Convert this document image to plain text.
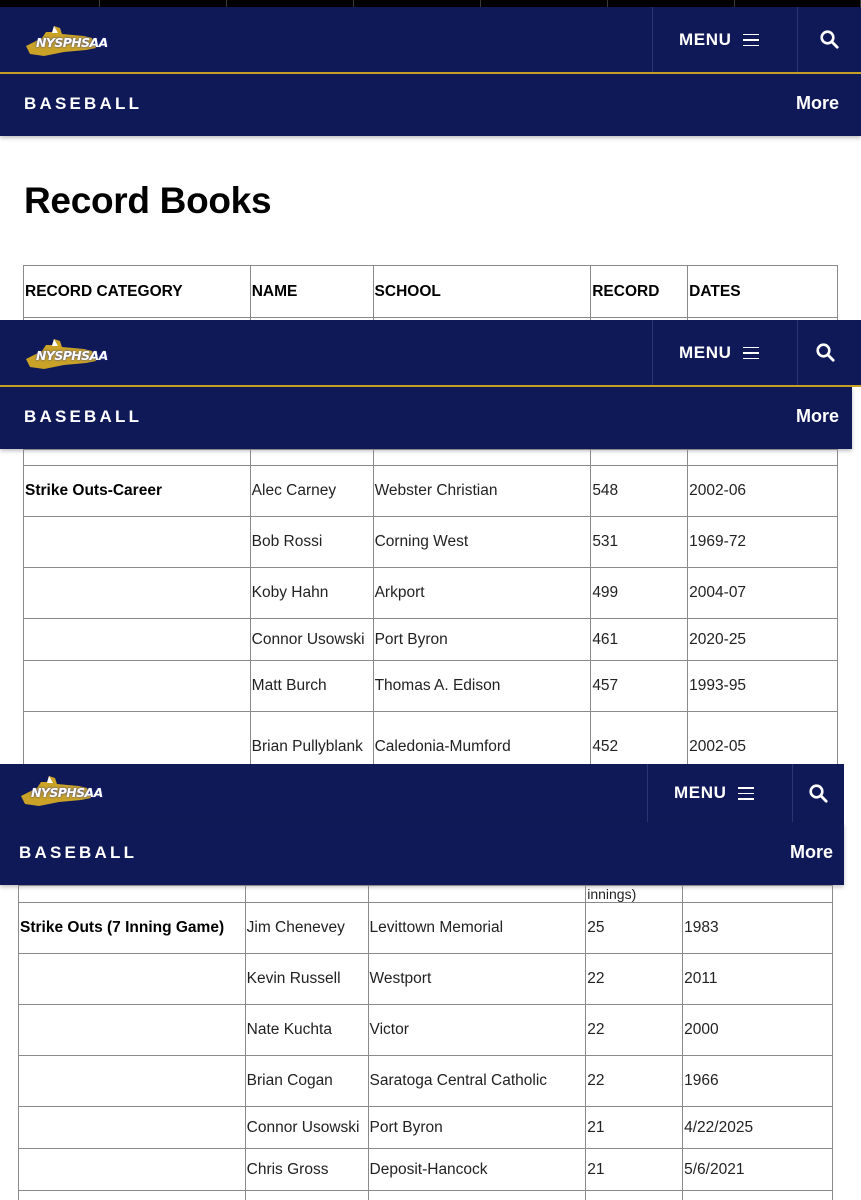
NYSPHSAA	MENU
BASEBALL	More
Record Books
RECORD CATEGORY	NAME	SCHOOL	RECORD	DATES

NYSPHSAA	MENU
BASEBALL	More

Strike Outs-Career	Alec Carney	Webster Christian	548	2002-06
	Bob Rossi	Corning West	531	1969-72
	Koby Hahn	Arkport	499	2004-07
	Connor Usowski	Port Byron	461	2020-25
	Matt Burch	Thomas A. Edison	457	1993-95
	Brian Pullyblank	Caledonia-Mumford	452	2002-05
NYSPHSAA	MENU
BASEBALL	More
			innings)	
Strike Outs (7 Inning Game)	Jim Chenevey	Levittown Memorial	25	1983
	Kevin Russell	Westport	22	2011
	Nate Kuchta	Victor	22	2000
	Brian Cogan	Saratoga Central Catholic	22	1966
	Connor Usowski	Port Byron	21	4/22/2025
	Chris Gross	Deposit-Hancock	21	5/6/2021
